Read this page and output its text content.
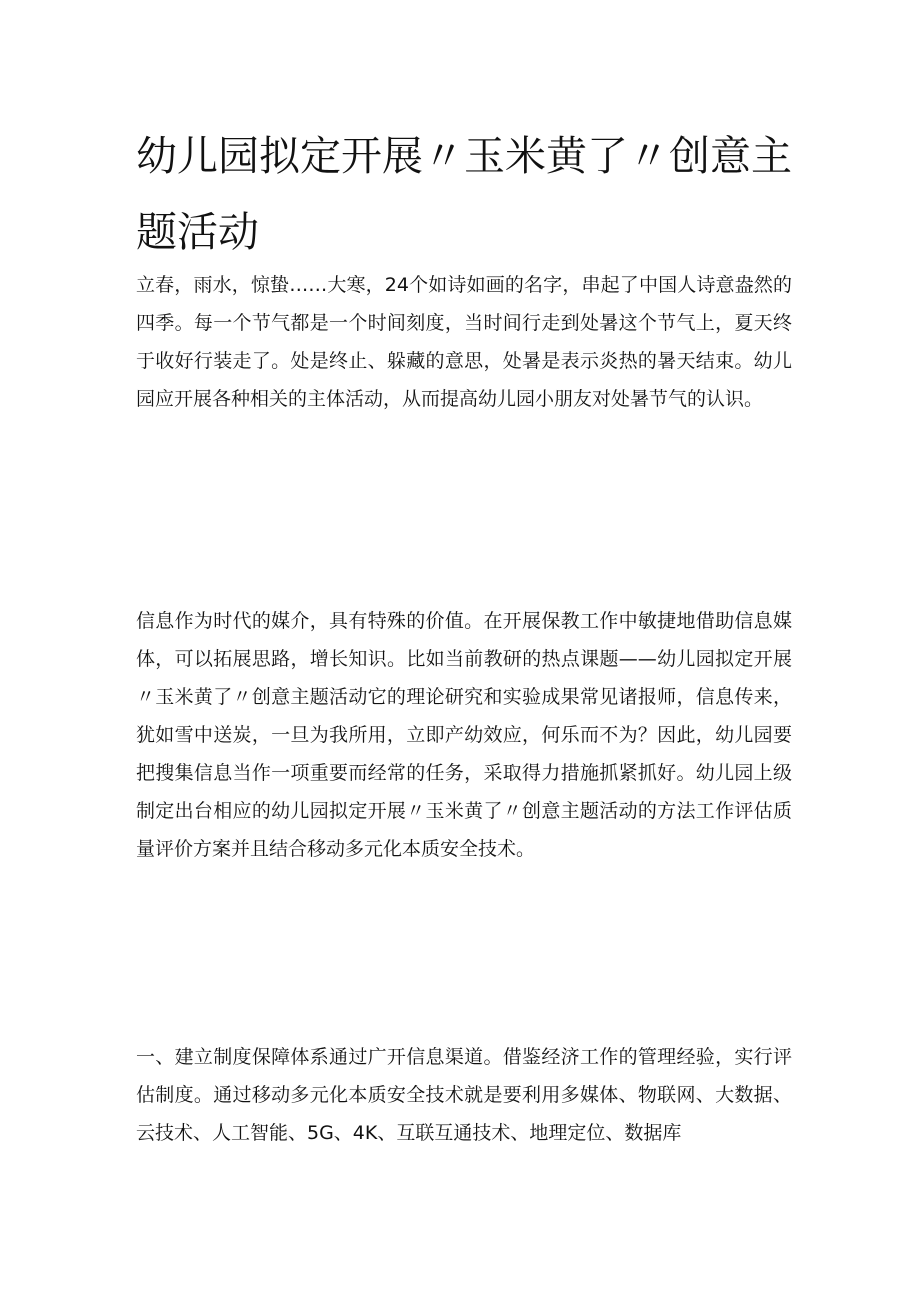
幼儿园拟定开展〃玉米黄了〃创意主题活动

立春，雨水，惊蛰……大寒，24个如诗如画的名字，串起了中国人诗意盎然的四季。每一个节气都是一个时间刻度，当时间行走到处暑这个节气上，夏天终于收好行装走了。处是终止、躲藏的意思，处暑是表示炎热的暑天结束。幼儿园应开展各种相关的主体活动，从而提高幼儿园小朋友对处暑节气的认识。

信息作为时代的媒介，具有特殊的价值。在开展保教工作中敏捷地借助信息媒体，可以拓展思路，增长知识。比如当前教研的热点课题——幼儿园拟定开展〃玉米黄了〃创意主题活动它的理论研究和实验成果常见诸报师，信息传来，犹如雪中送炭，一旦为我所用，立即产幼效应，何乐而不为？因此，幼儿园要把搜集信息当作一项重要而经常的任务，采取得力措施抓紧抓好。幼儿园上级制定出台相应的幼儿园拟定开展〃玉米黄了〃创意主题活动的方法工作评估质量评价方案并且结合移动多元化本质安全技术。

一、建立制度保障体系通过广开信息渠道。借鉴经济工作的管理经验，实行评估制度。通过移动多元化本质安全技术就是要利用多媒体、物联网、大数据、云技术、人工智能、5G、4K、互联互通技术、地理定位、数据库
